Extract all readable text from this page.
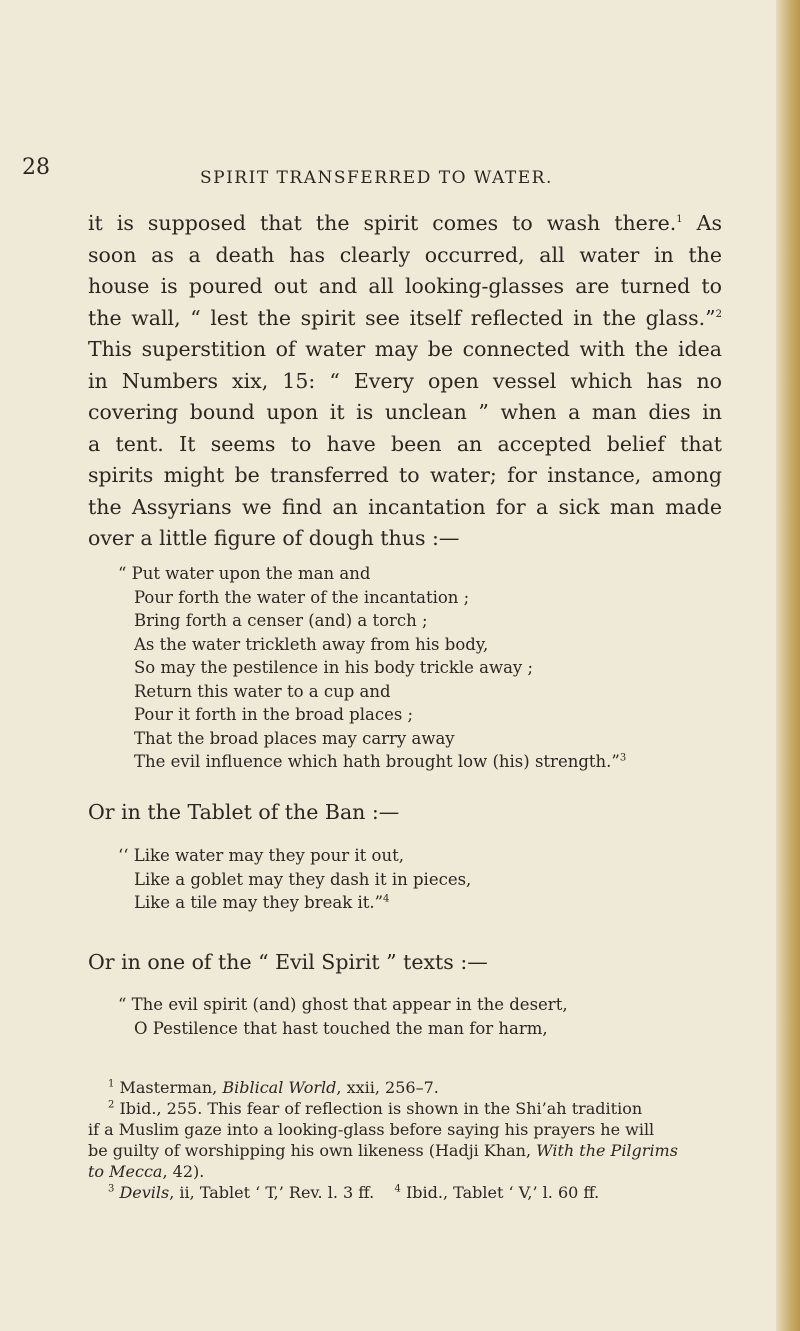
28	SPIRIT TRANSFERRED TO WATER.
it is supposed that the spirit comes to wash there.$^1$ As
soon as a death has clearly occurred, all water in the
house is poured out and all looking-glasses are turned to
the wall, “ lest the spirit see itself reflected in the glass.”$^2$
This superstition of water may be connected with the idea
in Numbers xix, 15: “ Every open vessel which has no
covering bound upon it is unclean ” when a man dies in
a tent. It seems to have been an accepted belief that
spirits might be transferred to water; for instance, among
the Assyrians we find an incantation for a sick man made
over a little figure of dough thus :—
“ Put water upon the man and
Pour forth the water of the incantation ;
Bring forth a censer (and) a torch ;
As the water trickleth away from his body,
So may the pestilence in his body trickle away ;
Return this water to a cup and
Pour it forth in the broad places ;
That the broad places may carry away
The evil influence which hath brought low (his) strength.”$^3$
Or in the Tablet of the Ban :—
‘‘ Like water may they pour it out,
Like a goblet may they dash it in pieces,
Like a tile may they break it.”$^4$
Or in one of the “ Evil Spirit ” texts :—
“ The evil spirit (and) ghost that appear in the desert,
O Pestilence that hast touched the man for harm,
$^1$ Masterman, Biblical World, xxii, 256–7.
$^2$ Ibid., 255. This fear of reflection is shown in the Shi’ah tradition
if a Muslim gaze into a looking-glass before saying his prayers he will
be guilty of worshipping his own likeness (Hadji Khan, With the Pilgrims
to Mecca, 42).
$^3$ Devils, ii, Tablet ‘ T,’ Rev. l. 3 ff. $^4$ Ibid., Tablet ‘ V,’ l. 60 ff.
